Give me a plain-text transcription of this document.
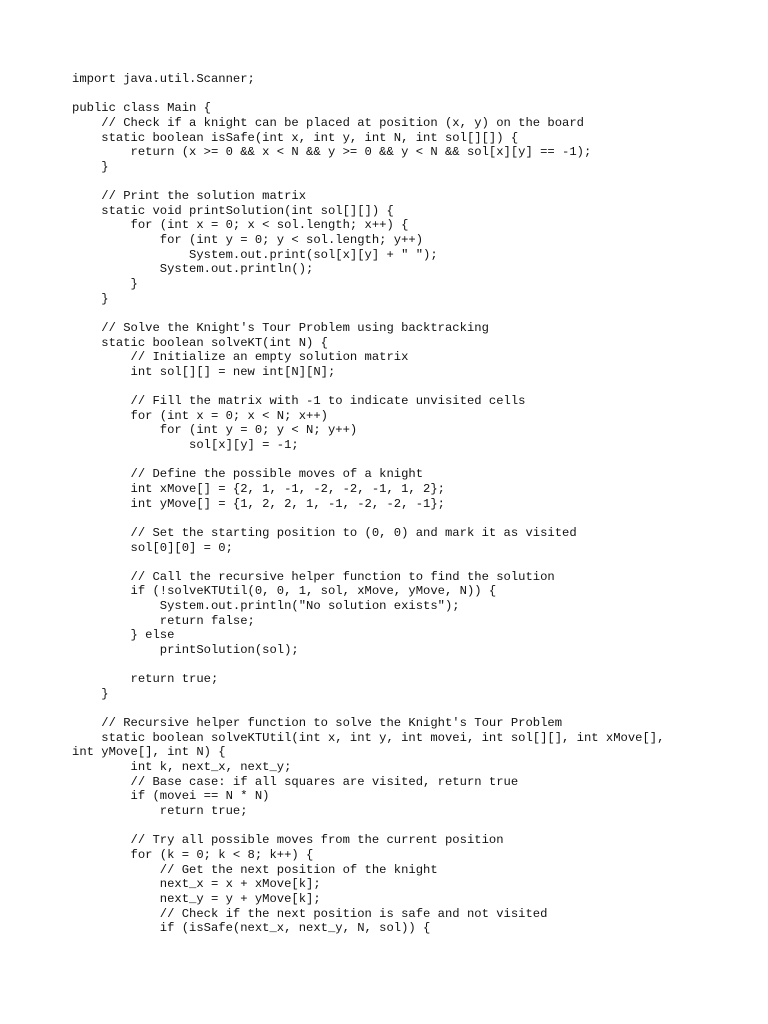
import java.util.Scanner;
public class Main {
// Check if a knight can be placed at position (x, y) on the board
static boolean isSafe(int x, int y, int N, int sol[][]) {
return (x >= 0 && x < N && y >= 0 && y < N && sol[x][y] == -1);
}
// Print the solution matrix
static void printSolution(int sol[][]) {
for (int x = 0; x < sol.length; x++) {
for (int y = 0; y < sol.length; y++)
System.out.print(sol[x][y] + " ");
System.out.println();
}
}
// Solve the Knight's Tour Problem using backtracking
static boolean solveKT(int N) {
// Initialize an empty solution matrix
int sol[][] = new int[N][N];
// Fill the matrix with -1 to indicate unvisited cells
for (int x = 0; x < N; x++)
for (int y = 0; y < N; y++)
sol[x][y] = -1;
// Define the possible moves of a knight
int xMove[] = {2, 1, -1, -2, -2, -1, 1, 2};
int yMove[] = {1, 2, 2, 1, -1, -2, -2, -1};
// Set the starting position to (0, 0) and mark it as visited
sol[0][0] = 0;
// Call the recursive helper function to find the solution
if (!solveKTUtil(0, 0, 1, sol, xMove, yMove, N)) {
System.out.println("No solution exists");
return false;
} else
printSolution(sol);
return true;
}
// Recursive helper function to solve the Knight's Tour Problem
static boolean solveKTUtil(int x, int y, int movei, int sol[][], int xMove[],
int yMove[], int N) {
int k, next_x, next_y;
// Base case: if all squares are visited, return true
if (movei == N * N)
return true;
// Try all possible moves from the current position
for (k = 0; k < 8; k++) {
// Get the next position of the knight
next_x = x + xMove[k];
next_y = y + yMove[k];
// Check if the next position is safe and not visited
if (isSafe(next_x, next_y, N, sol)) {
